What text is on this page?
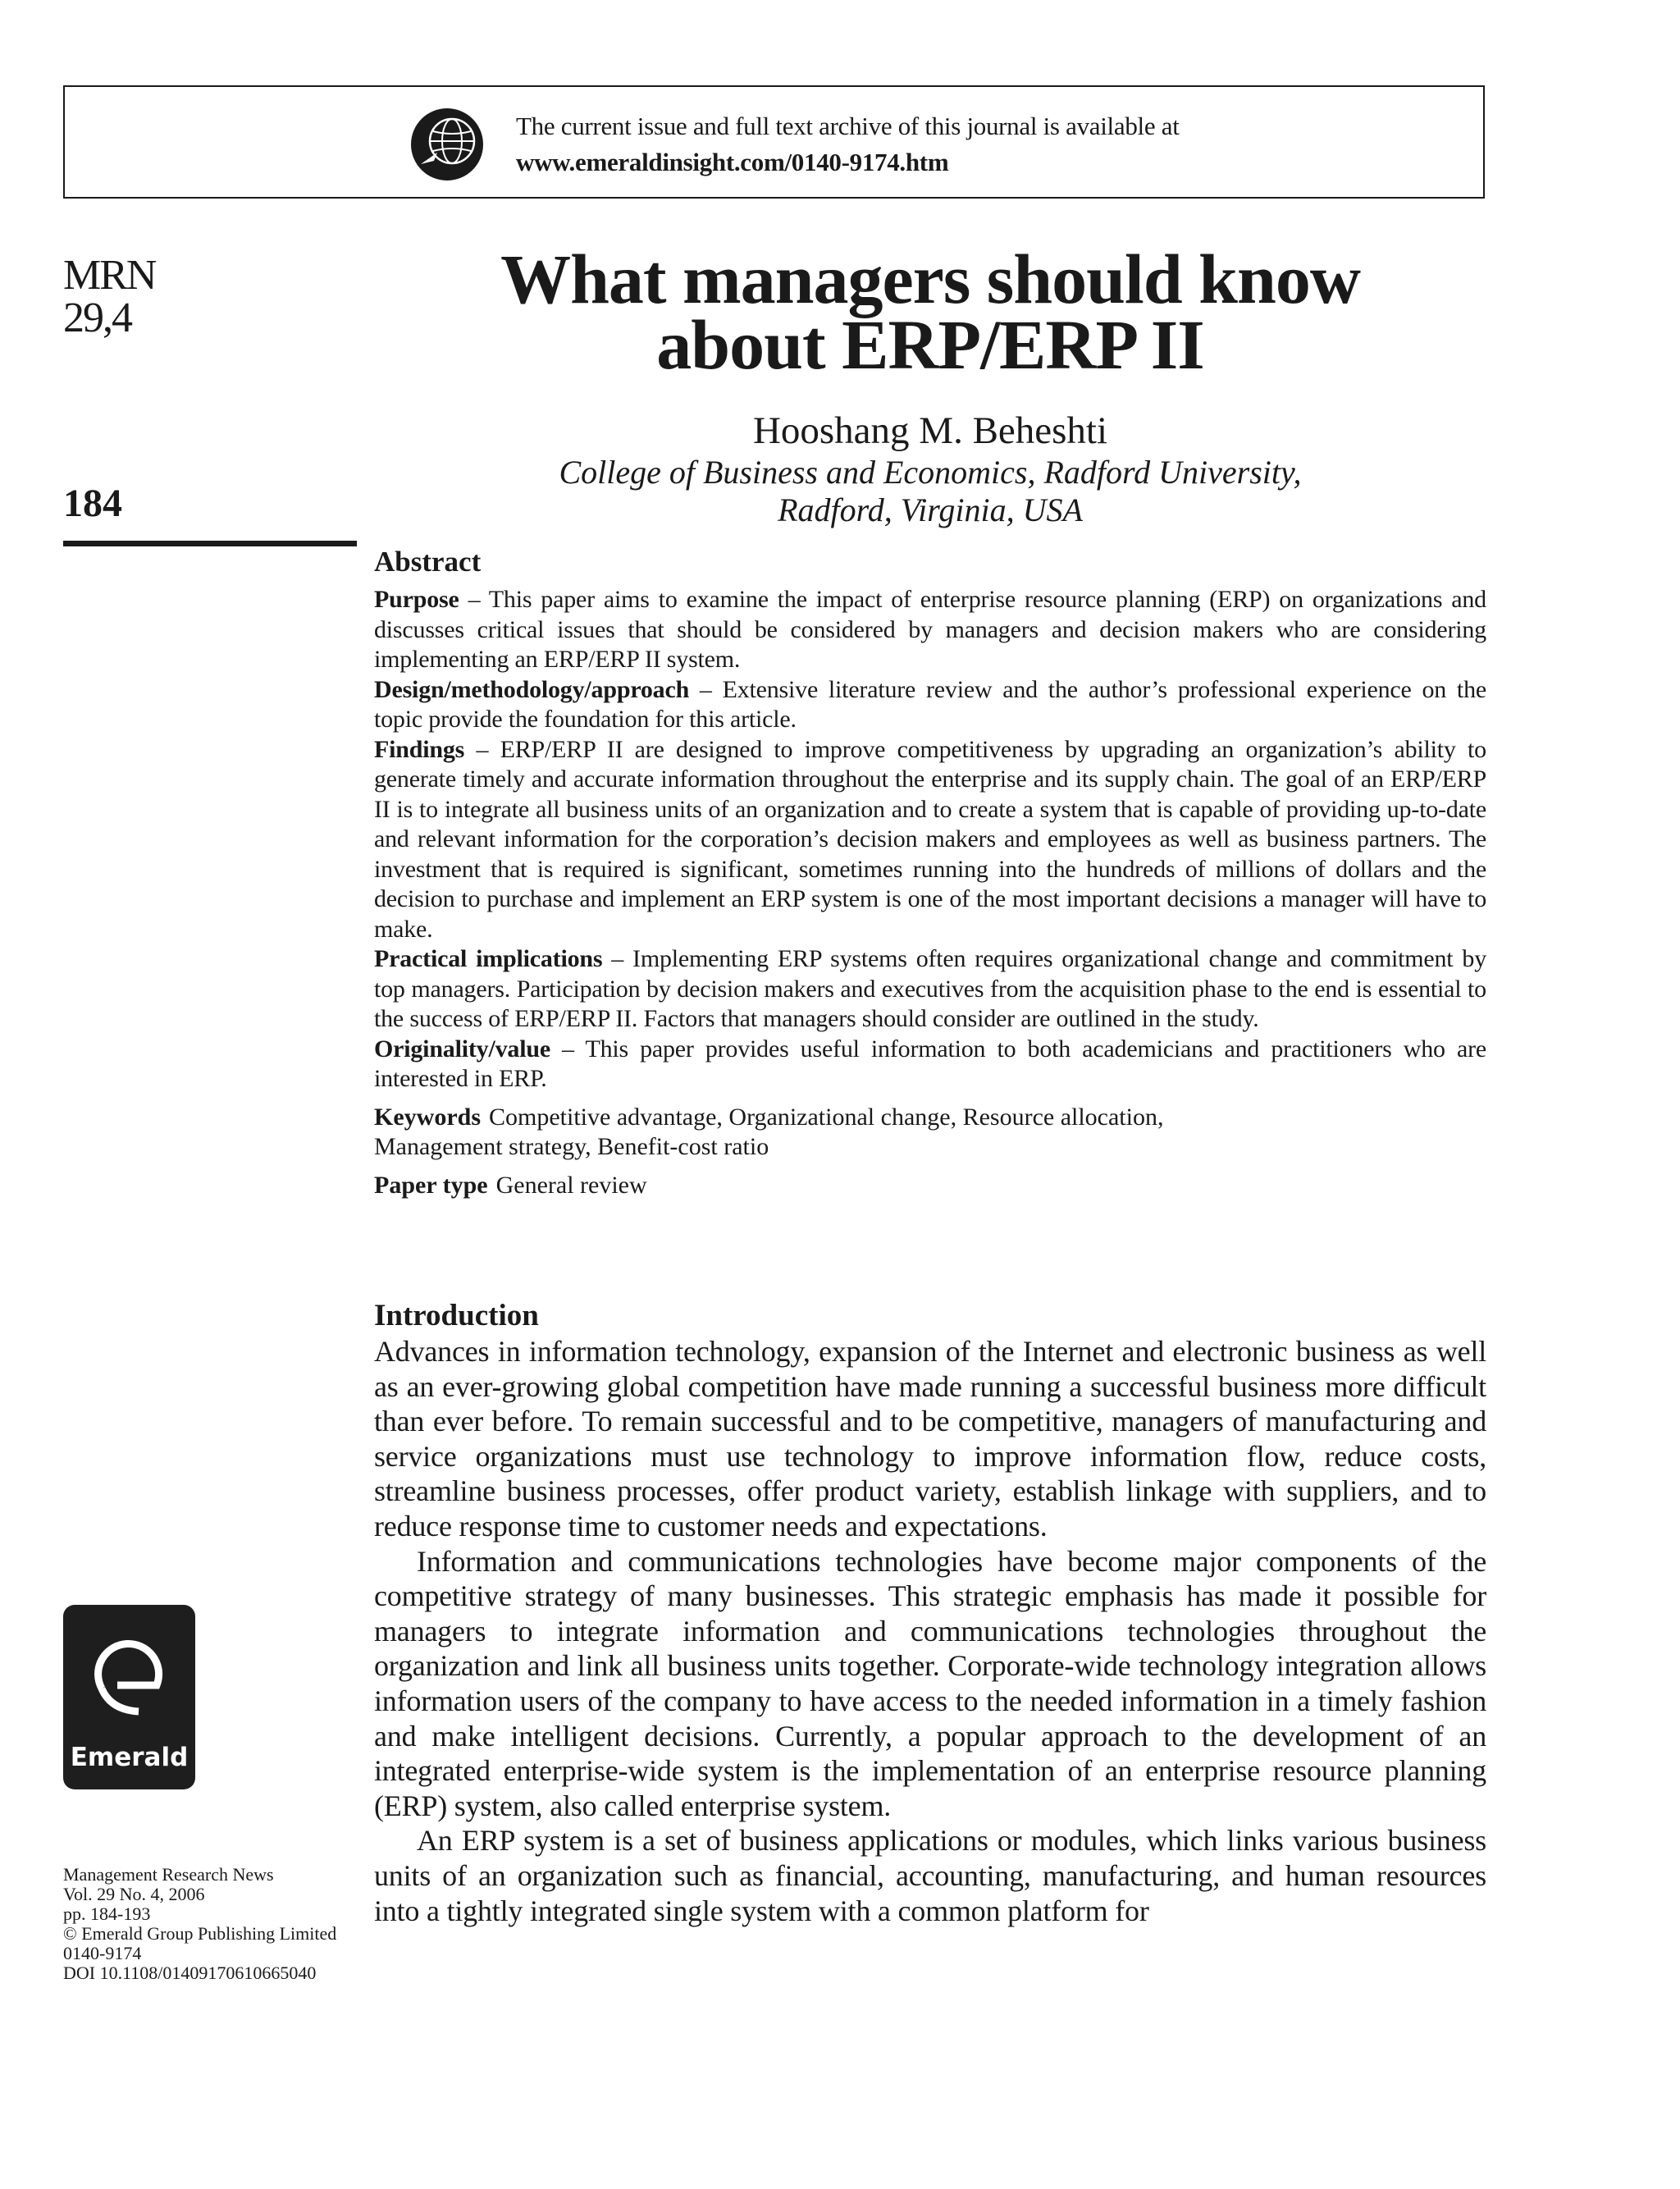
The current issue and full text archive of this journal is available at
www.emeraldinsight.com/0140-9174.htm
MRN
29,4
184
Emerald
Management Research News
Vol. 29 No. 4, 2006
pp. 184-193
© Emerald Group Publishing Limited
0140-9174
DOI 10.1108/01409170610665040
What managers should know
about ERP/ERP II
Hooshang M. Beheshti
College of Business and Economics, Radford University,
Radford, Virginia, USA
Abstract
Purpose – This paper aims to examine the impact of enterprise resource planning (ERP) on organizations and discusses critical issues that should be considered by managers and decision makers who are considering implementing an ERP/ERP II system.
Design/methodology/approach – Extensive literature review and the author’s professional experience on the topic provide the foundation for this article.
Findings – ERP/ERP II are designed to improve competitiveness by upgrading an organization’s ability to generate timely and accurate information throughout the enterprise and its supply chain. The goal of an ERP/ERP II is to integrate all business units of an organization and to create a system that is capable of providing up-to-date and relevant information for the corporation’s decision makers and employees as well as business partners. The investment that is required is significant, sometimes running into the hundreds of millions of dollars and the decision to purchase and implement an ERP system is one of the most important decisions a manager will have to make.
Practical implications – Implementing ERP systems often requires organizational change and commitment by top managers. Participation by decision makers and executives from the acquisition phase to the end is essential to the success of ERP/ERP II. Factors that managers should consider are outlined in the study.
Originality/value – This paper provides useful information to both academicians and practitioners who are interested in ERP.
Keywords Competitive advantage, Organizational change, Resource allocation,
Management strategy, Benefit-cost ratio
Paper type General review
Introduction
Advances in information technology, expansion of the Internet and electronic business as well as an ever-growing global competition have made running a successful business more difficult than ever before. To remain successful and to be competitive, managers of manufacturing and service organizations must use technology to improve information flow, reduce costs, streamline business processes, offer product variety, establish linkage with suppliers, and to reduce response time to customer needs and expectations.
Information and communications technologies have become major components of the competitive strategy of many businesses. This strategic emphasis has made it possible for managers to integrate information and communications technologies throughout the organization and link all business units together. Corporate-wide technology integration allows information users of the company to have access to the needed information in a timely fashion and make intelligent decisions. Currently, a popular approach to the development of an integrated enterprise-wide system is the implementation of an enterprise resource planning (ERP) system, also called enterprise system.
An ERP system is a set of business applications or modules, which links various business units of an organization such as financial, accounting, manufacturing, and human resources into a tightly integrated single system with a common platform for
